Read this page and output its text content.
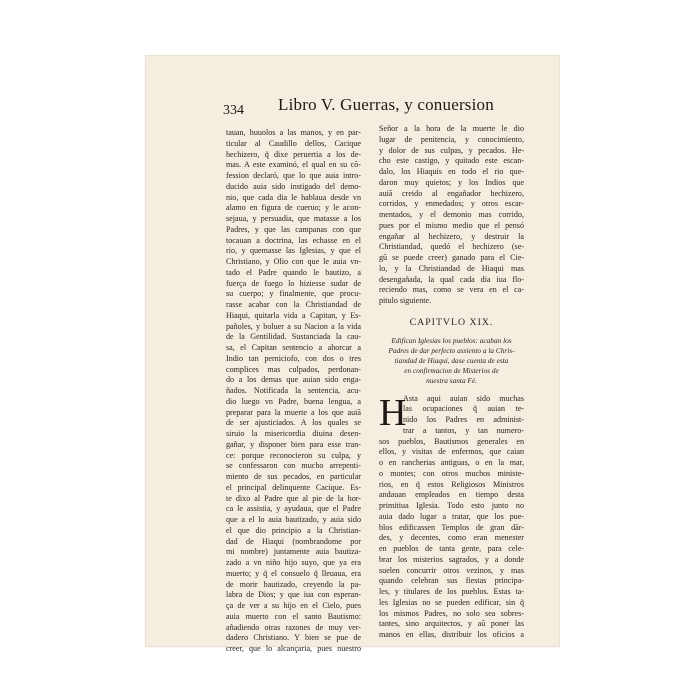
334 Libro V. Guerras, y conuersion
tauan, huuolos a las manos, y en par-
ticular al Caudillo dellos, Cacique
hechizero, q̃ dixe peruertia a los de-
mas. A este examinó, el qual en su cõ-
fession declaró, que lo que auia intro-
ducido auia sido instigado del demo-
nio, que cada dia le hablaua desde vn
alamo en figura de cueruo; y le acon-
sejaua, y persuadia, que matasse a los
Padres, y que las campanas con que
tocauan a doctrina, las echasse en el
rio, y quemasse las Iglesias, y que el
Christiano, y Olio con que le auia vn-
tado el Padre quando le bautizo, a
fuerça de fuego lo hiziesse sudar de
su cuerpo; y finalmente, que procu-
rasse acabar con la Christiandad de
Hiaqui, quitarla vida a Capitan, y Es-
pañoles, y boluer a su Nacion a la vida
de la Gentilidad. Sustanciada la cau-
sa, el Capitan sentencio a ahorcar a
Indio tan perniciofo, con dos o tres
complices mas culpados, perdonan-
do a los demas que auian sido enga-
ñados. Notificada la sentencia, acu-
dio luego vn Padre, buena lengua, a
preparar para la muerte a los que auiã
de ser ajusticiados. A los quales se
siruio la misericordia diuina desen-
gañar, y disponer bien para esse tran-
ce: porque reconocieron su culpa, y
se confessaron con mucho arrepenti-
miento de sus pecados, en particular
el principal delinquente Cacique. Es-
te dixo al Padre que al pie de la hor-
ca le assistia, y ayudaua, que el Padre
que a el lo auia bautizado, y auia sido
el que dio principio a la Christian-
dad de Hiaqui (nombrandome por
mi nombre) juntamente auia bautiza-
zado a vn niño hijo suyo, que ya era
muerto; y q̃ el consuelo q̃ lleuaua, era
de morir bautizado, creyendo la pa-
labra de Dios; y que iua con esperan-
ça de ver a su hijo en el Cielo, pues
auia muerto con el santo Bautismo:
añadiendo otras razones de muy ver-
dadero Christiano. Y bien se pue de
creer, que lo alcançaria, pues nuestro
Señor a la hora de la muerte le dio
lugar de penitencia, y conocimiento,
y dolor de sus culpas, y pecados. He-
cho este castigo, y quitado este escan-
dalo, los Hiaquis en todo el rio que-
daron muy quietos; y los Indios que
auiã creido al engañador hechizero,
corridos, y enmedados; y otros escar-
mentados, y el demonio mas corrido,
pues por el mismo medio que el pensó
engañar al hechizero, y destruir la
Christiandad, quedó el hechizero (se-
gũ se puede creer) ganado para el Cie-
lo, y la Christiandad de Hiaqui mas
desengañada, la qual cada dia iua flo-
reciendo mas, como se vera en el ca-
pitulo siguiente.
CAPITVLO XIX.
Edifican Iglesias los pueblos: acaban los
Padres de dar perfecto assiento a la Chris-
tiandad de Hiaqui, dase cuenta de esta
en confirmacion de Misterios de
nuestra santa Fè.
H
Asta aqui auian sido muchas
las ocupaciones q̃ auian te-
nido los Padres en administ-
trar a tantos, y tan numero-
sos pueblos, Bautismos generales en
ellos, y visitas de enfermos, que caian
o en rancherias antiguas, o en la mar,
o montes; con otros muchos ministe-
rios, en q̃ estos Religiosos Ministros
andauan empleados en tiempo desta
primitiua Iglesia. Todo esto junto no
auia dado lugar a tratar, que los pue-
blos edificassen Templos de gran dãr-
des, y decentes, como eran menester
en pueblos de tanta gente, para cele-
brar los misterios sagrados, y a donde
suelen concurrir otros vezinos, y mas
quando celebran sus fiestas principa-
les, y titulares de los pueblos. Estas ta-
les Iglesias no se pueden edificar, sin q̃
los mismos Padres, no solo sea sobres-
tantes, sino arquitectos, y aũ poner las
manos en ellas, distribuir los oficios a
